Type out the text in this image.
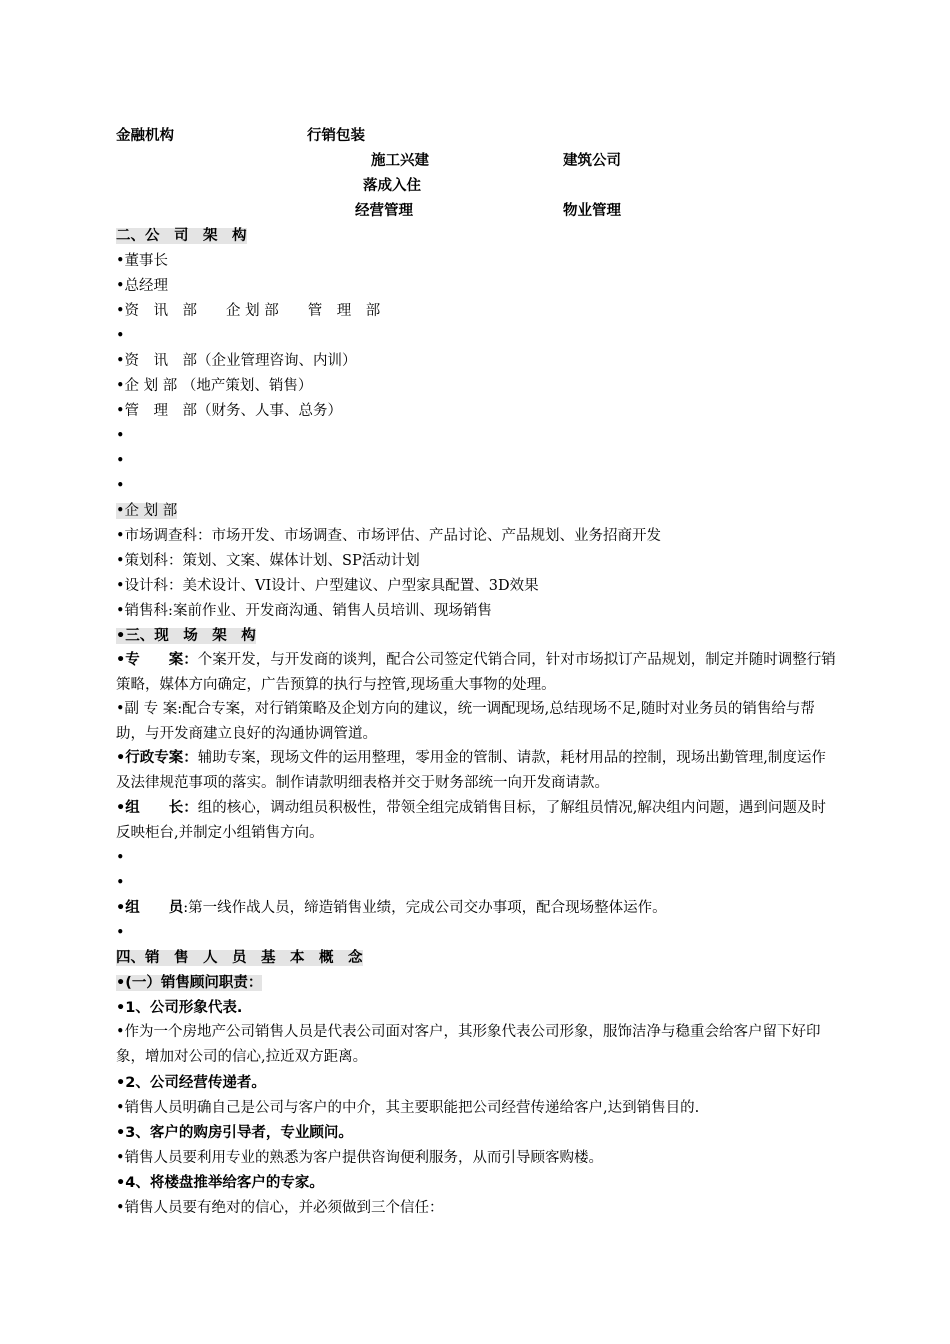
金融机构	行销包装
施工兴建	建筑公司
落成入住
经营管理	物业管理
二、公　司　架　构
•董事长
•总经理
•资　讯　部　　企 划 部　　管　理　部
•
•资　讯　部（企业管理咨询、内训）
•企 划 部 （地产策划、销售）
•管　理　部（财务、人事、总务）
•
•
•
•企 划 部
•市场调查科：市场开发、市场调查、市场评估、产品讨论、产品规划、业务招商开发
•策划科：策划、文案、媒体计划、SP活动计划
•设计科：美术设计、VI设计、户型建议、户型家具配置、3D效果
•销售科:案前作业、开发商沟通、销售人员培训、现场销售
•三、现　场　架　构
•专　　案：个案开发，与开发商的谈判，配合公司签定代销合同，针对市场拟订产品规划，制定并随时调整行销策略，媒体方向确定，广告预算的执行与控管,现场重大事物的处理。
•副 专 案:配合专案，对行销策略及企划方向的建议，统一调配现场,总结现场不足,随时对业务员的销售给与帮助，与开发商建立良好的沟通协调管道。
•行政专案：辅助专案，现场文件的运用整理，零用金的管制、请款，耗材用品的控制，现场出勤管理,制度运作及法律规范事项的落实。制作请款明细表格并交于财务部统一向开发商请款。
•组　　长：组的核心，调动组员积极性，带领全组完成销售目标，了解组员情况,解决组内问题，遇到问题及时反映柜台,并制定小组销售方向。
•
•
•组　　员:第一线作战人员，缔造销售业绩，完成公司交办事项，配合现场整体运作。
•
四、销　售　人　员　基　本　概　念
•(一）销售顾问职责：
•1、公司形象代表.
•作为一个房地产公司销售人员是代表公司面对客户，其形象代表公司形象，服饰洁净与稳重会给客户留下好印象，增加对公司的信心,拉近双方距离。
•2、公司经营传递者。
•销售人员明确自己是公司与客户的中介，其主要职能把公司经营传递给客户,达到销售目的.
•3、客户的购房引导者，专业顾问。
•销售人员要利用专业的熟悉为客户提供咨询便利服务，从而引导顾客购楼。
•4、将楼盘推举给客户的专家。
•销售人员要有绝对的信心，并必须做到三个信任：
